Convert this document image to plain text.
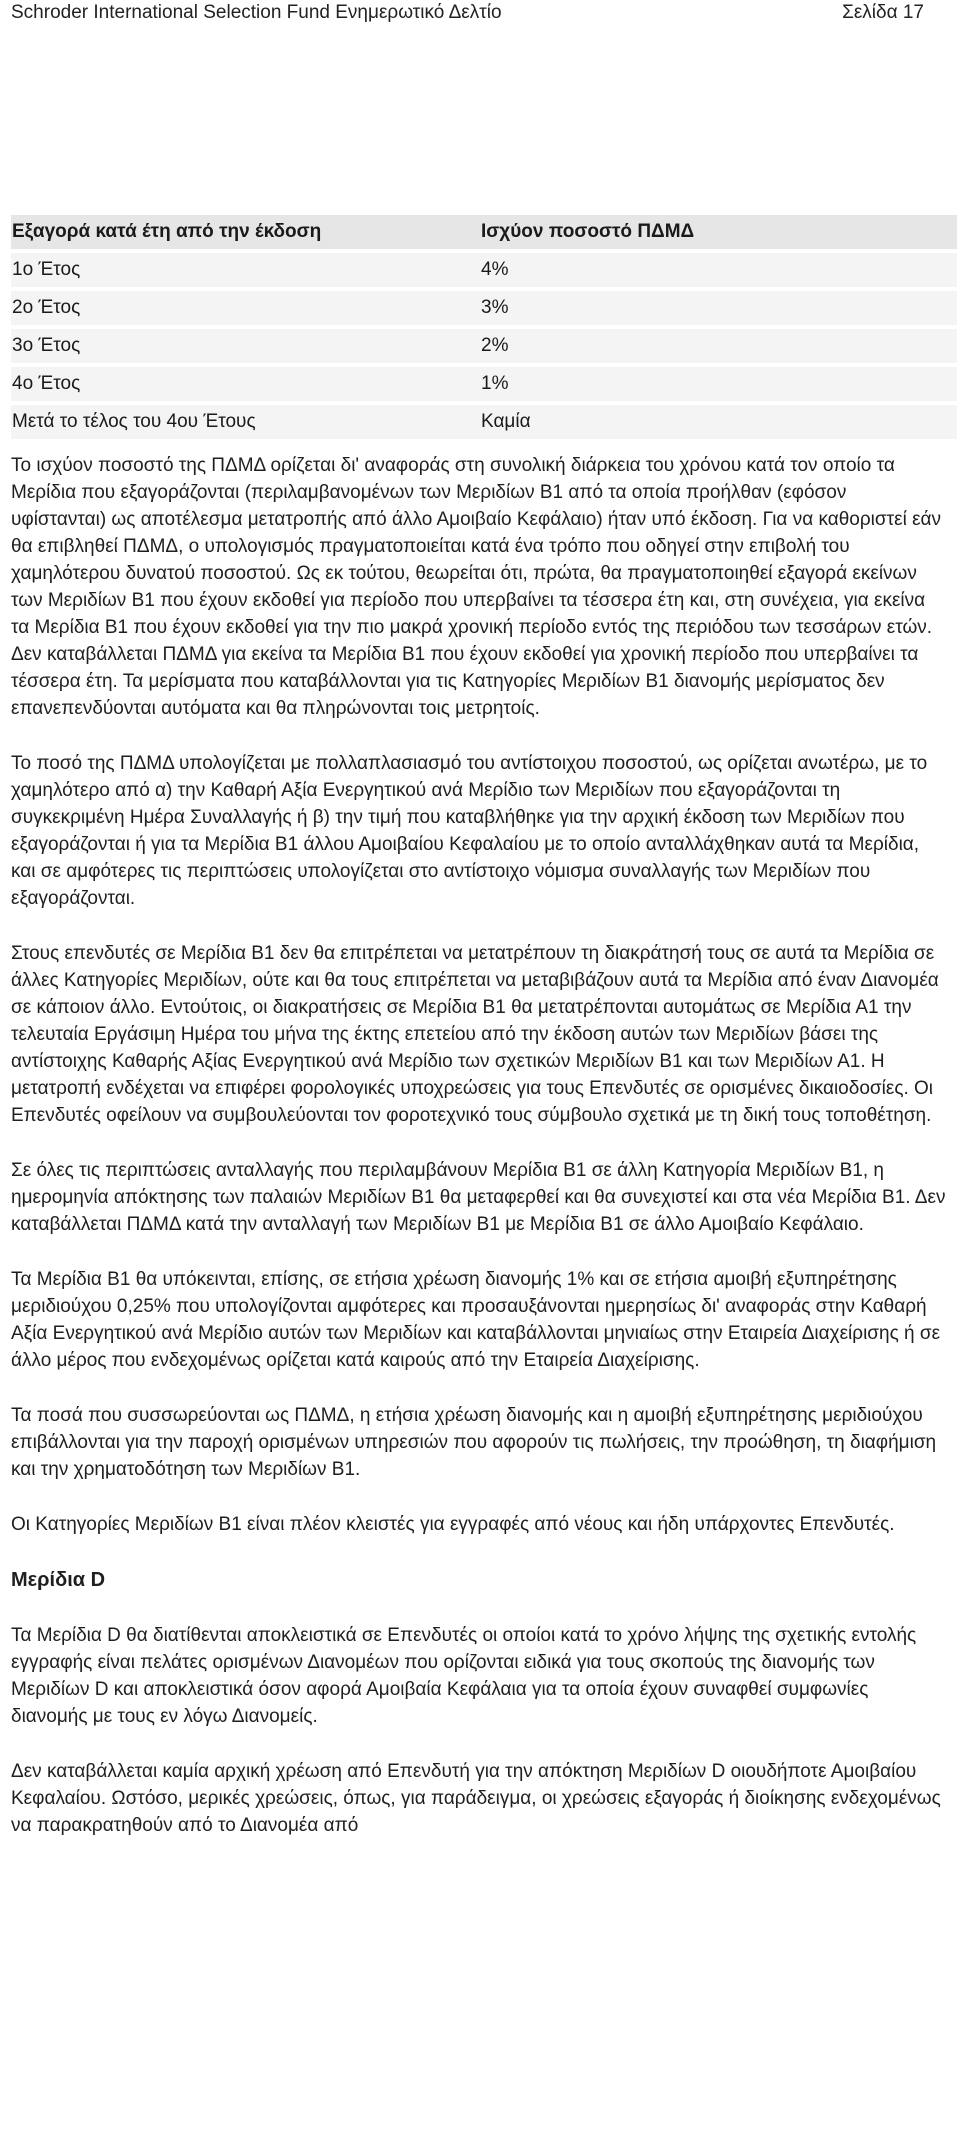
Schroder International Selection Fund Ενημερωτικό Δελτίο	Σελίδα 17
Εξαγορά κατά έτη από την έκδοση	Ισχύον ποσοστό ΠΔΜΔ
1ο Έτος	4%
2ο Έτος	3%
3ο Έτος	2%
4ο Έτος	1%
Μετά το τέλος του 4ου Έτους	Καμία

Το ισχύον ποσοστό της ΠΔΜΔ ορίζεται δι' αναφοράς στη συνολική διάρκεια του χρόνου κατά τον οποίο τα Μερίδια που εξαγοράζονται (περιλαμβανομένων των Μεριδίων Β1 από τα οποία προήλθαν (εφόσον υφίστανται) ως αποτέλεσμα μετατροπής από άλλο Αμοιβαίο Κεφάλαιο) ήταν υπό έκδοση. Για να καθοριστεί εάν θα επιβληθεί ΠΔΜΔ, ο υπολογισμός πραγματοποιείται κατά ένα τρόπο που οδηγεί στην επιβολή του χαμηλότερου δυνατού ποσοστού. Ως εκ τούτου, θεωρείται ότι, πρώτα, θα πραγματοποιηθεί εξαγορά εκείνων των Μεριδίων Β1 που έχουν εκδοθεί για περίοδο που υπερβαίνει τα τέσσερα έτη και, στη συνέχεια, για εκείνα τα Μερίδια Β1 που έχουν εκδοθεί για την πιο μακρά χρονική περίοδο εντός της περιόδου των τεσσάρων ετών. Δεν καταβάλλεται ΠΔΜΔ για εκείνα τα Μερίδια Β1 που έχουν εκδοθεί για χρονική περίοδο που υπερβαίνει τα τέσσερα έτη. Τα μερίσματα που καταβάλλονται για τις Κατηγορίες Μεριδίων Β1 διανομής μερίσματος δεν επανεπενδύονται αυτόματα και θα πληρώνονται τοις μετρητοίς.

Το ποσό της ΠΔΜΔ υπολογίζεται με πολλαπλασιασμό του αντίστοιχου ποσοστού, ως ορίζεται ανωτέρω, με το χαμηλότερο από α) την Καθαρή Αξία Ενεργητικού ανά Μερίδιο των Μεριδίων που εξαγοράζονται τη συγκεκριμένη Ημέρα Συναλλαγής ή β) την τιμή που καταβλήθηκε για την αρχική έκδοση των Μεριδίων που εξαγοράζονται ή για τα Μερίδια Β1 άλλου Αμοιβαίου Κεφαλαίου με το οποίο ανταλλάχθηκαν αυτά τα Μερίδια, και σε αμφότερες τις περιπτώσεις υπολογίζεται στο αντίστοιχο νόμισμα συναλλαγής των Μεριδίων που εξαγοράζονται.

Στους επενδυτές σε Μερίδια Β1 δεν θα επιτρέπεται να μετατρέπουν τη διακράτησή τους σε αυτά τα Μερίδια σε άλλες Κατηγορίες Μεριδίων, ούτε και θα τους επιτρέπεται να μεταβιβάζουν αυτά τα Μερίδια από έναν Διανομέα σε κάποιον άλλο. Εντούτοις, οι διακρατήσεις σε Μερίδια Β1 θα μετατρέπονται αυτομάτως σε Μερίδια Α1 την τελευταία Εργάσιμη Ημέρα του μήνα της έκτης επετείου από την έκδοση αυτών των Μεριδίων βάσει της αντίστοιχης Καθαρής Αξίας Ενεργητικού ανά Μερίδιο των σχετικών Μεριδίων Β1 και των Μεριδίων Α1. Η μετατροπή ενδέχεται να επιφέρει φορολογικές υποχρεώσεις για τους Επενδυτές σε ορισμένες δικαιοδοσίες. Οι Επενδυτές οφείλουν να συμβουλεύονται τον φοροτεχνικό τους σύμβουλο σχετικά με τη δική τους τοποθέτηση.

Σε όλες τις περιπτώσεις ανταλλαγής που περιλαμβάνουν Μερίδια Β1 σε άλλη Κατηγορία Μεριδίων Β1, η ημερομηνία απόκτησης των παλαιών Μεριδίων Β1 θα μεταφερθεί και θα συνεχιστεί και στα νέα Μερίδια Β1. Δεν καταβάλλεται ΠΔΜΔ κατά την ανταλλαγή των Μεριδίων Β1 με Μερίδια Β1 σε άλλο Αμοιβαίο Κεφάλαιο.

Τα Μερίδια Β1 θα υπόκεινται, επίσης, σε ετήσια χρέωση διανομής 1% και σε ετήσια αμοιβή εξυπηρέτησης μεριδιούχου 0,25% που υπολογίζονται αμφότερες και προσαυξάνονται ημερησίως δι' αναφοράς στην Καθαρή Αξία Ενεργητικού ανά Μερίδιο αυτών των Μεριδίων και καταβάλλονται μηνιαίως στην Εταιρεία Διαχείρισης ή σε άλλο μέρος που ενδεχομένως ορίζεται κατά καιρούς από την Εταιρεία Διαχείρισης.

Τα ποσά που συσσωρεύονται ως ΠΔΜΔ, η ετήσια χρέωση διανομής και η αμοιβή εξυπηρέτησης μεριδιούχου επιβάλλονται για την παροχή ορισμένων υπηρεσιών που αφορούν τις πωλήσεις, την προώθηση, τη διαφήμιση και την χρηματοδότηση των Μεριδίων Β1.

Οι Κατηγορίες Μεριδίων Β1 είναι πλέον κλειστές για εγγραφές από νέους και ήδη υπάρχοντες Επενδυτές.

Μερίδια D

Τα Μερίδια D θα διατίθενται αποκλειστικά σε Επενδυτές οι οποίοι κατά το χρόνο λήψης της σχετικής εντολής εγγραφής είναι πελάτες ορισμένων Διανομέων που ορίζονται ειδικά για τους σκοπούς της διανομής των Μεριδίων D και αποκλειστικά όσον αφορά Αμοιβαία Κεφάλαια για τα οποία έχουν συναφθεί συμφωνίες διανομής με τους εν λόγω Διανομείς.

Δεν καταβάλλεται καμία αρχική χρέωση από Επενδυτή για την απόκτηση Μεριδίων D οιουδήποτε Αμοιβαίου Κεφαλαίου. Ωστόσο, μερικές χρεώσεις, όπως, για παράδειγμα, οι χρεώσεις εξαγοράς ή διοίκησης ενδεχομένως να παρακρατηθούν από το Διανομέα από
